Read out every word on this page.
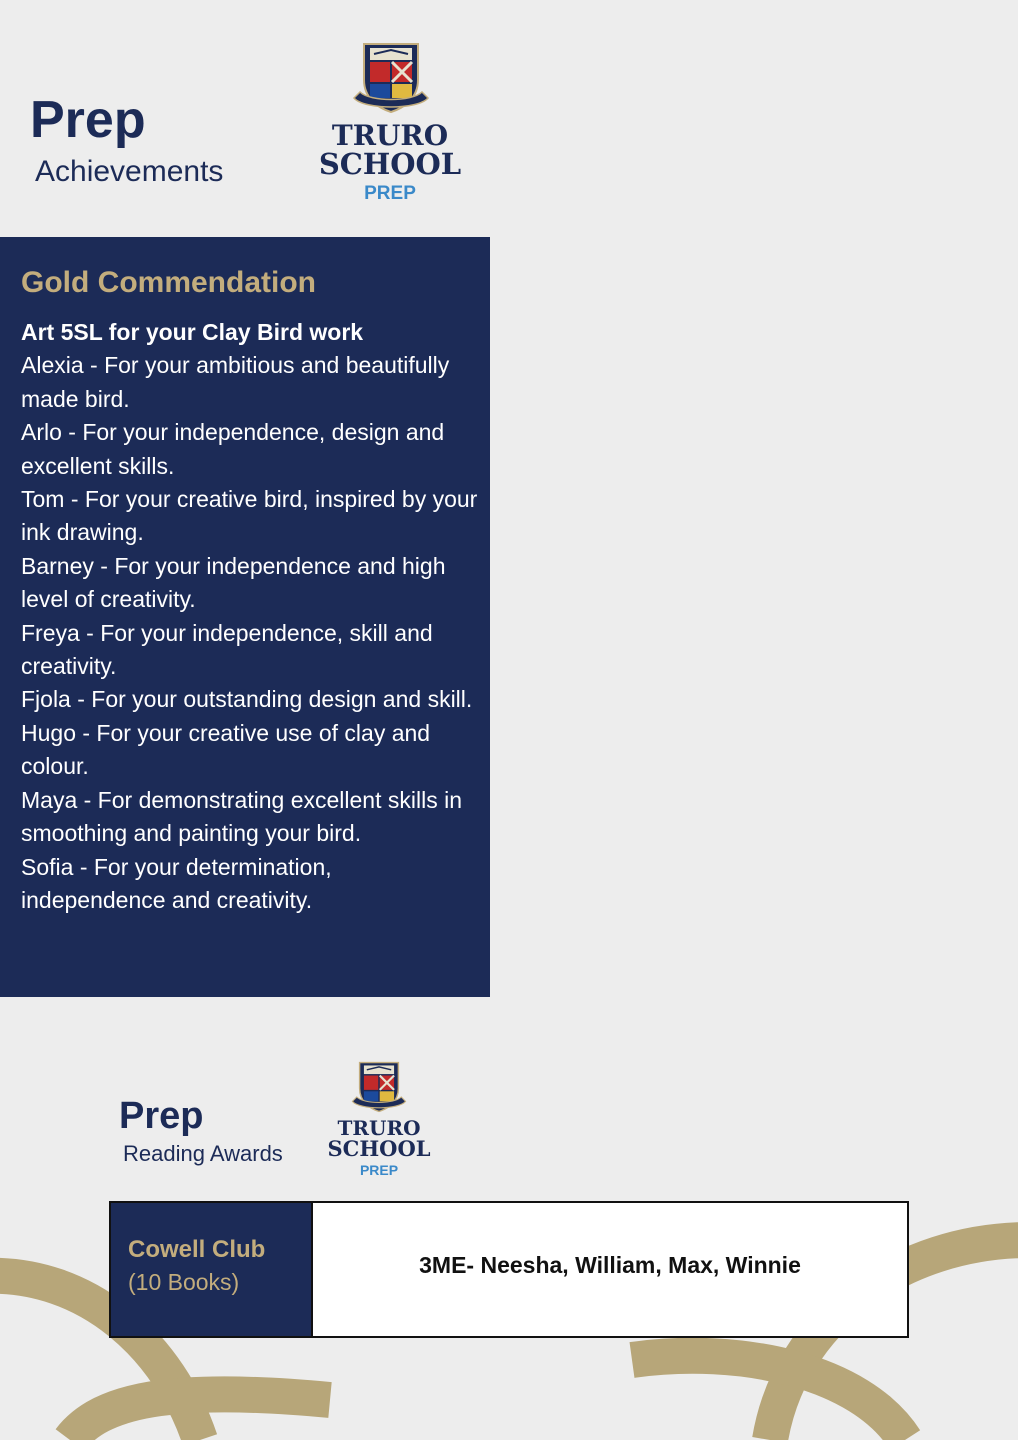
Prep
Achievements
TRURO
SCHOOL
PREP
Gold Commendation
Art 5SL for your Clay Bird work
Alexia - For your ambitious and beautifully made bird.
Arlo - For your independence, design and excellent skills.
Tom - For your creative bird, inspired by your ink drawing.
Barney - For your independence and high level of creativity.
Freya - For your independence, skill and creativity.
Fjola - For your outstanding design and skill.
Hugo - For your creative use of clay and colour.
Maya - For demonstrating excellent skills in smoothing and painting your bird.
Sofia - For your determination, independence and creativity.
Prep
Reading Awards
TRURO
SCHOOL
PREP
Cowell Club
(10 Books)
3ME- Neesha, William, Max, Winnie
